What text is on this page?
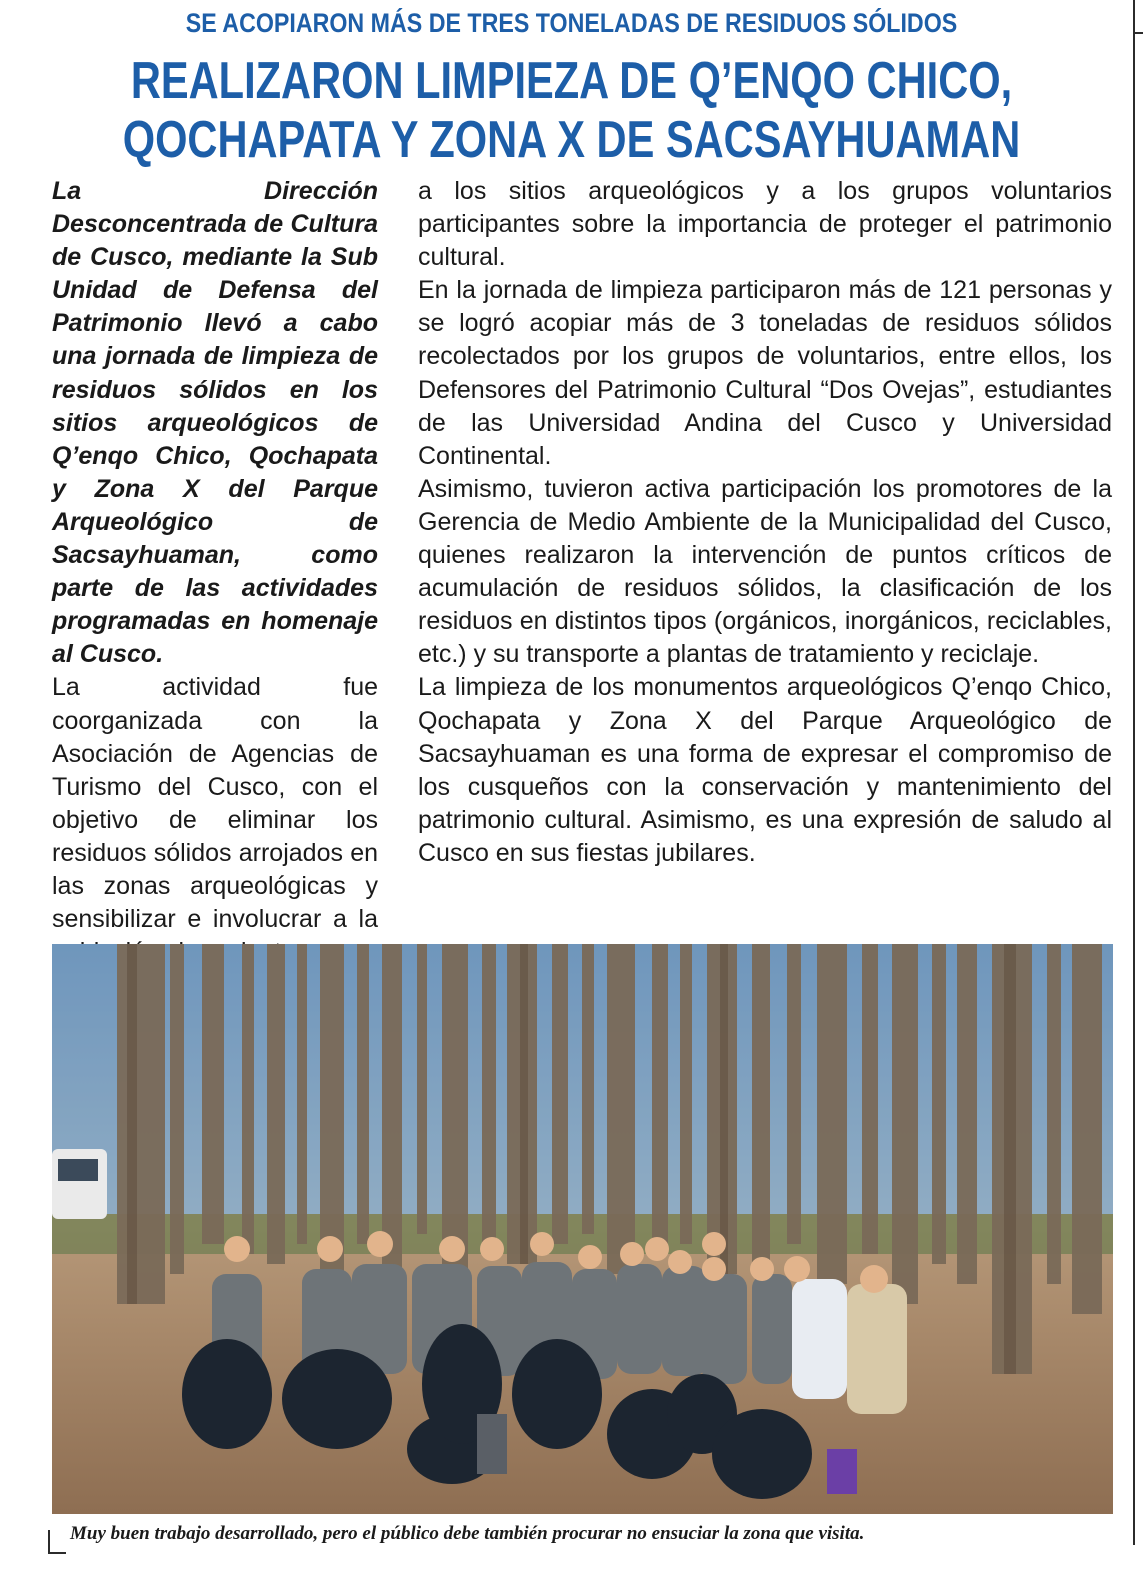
SE ACOPIARON MÁS DE TRES TONELADAS DE RESIDUOS SÓLIDOS
REALIZARON LIMPIEZA DE Q’ENQO CHICO,
QOCHAPATA Y ZONA X DE SACSAYHUAMAN

La Dirección Desconcentrada de Cultura de Cusco, mediante la Sub Unidad de Defensa del Patrimonio llevó a cabo una jornada de limpieza de residuos sólidos en los sitios arqueológicos de Q’enqo Chico, Qochapata y Zona X del Parque Arqueológico de Sacsayhuaman, como parte de las actividades programadas en homenaje al Cusco.

La actividad fue coorganizada con la Asociación de Agencias de Turismo del Cusco, con el objetivo de eliminar los residuos sólidos arrojados en las zonas arqueológicas y sensibilizar e involucrar a la

a los sitios arqueológicos y a los grupos voluntarios participantes sobre la importancia de proteger el patrimonio cultural.

En la jornada de limpieza participaron más de 121 personas y se logró acopiar más de 3 toneladas de residuos sólidos recolectados por los grupos de voluntarios, entre ellos, los Defensores del Patrimonio Cultural “Dos Ovejas”, estudiantes de las Universidad Andina del Cusco y Universidad Continental.

Asimismo, tuvieron activa participación los promotores de la Gerencia de Medio Ambiente de la Municipalidad del Cusco, quienes realizaron la intervención de puntos críticos de acumulación de residuos sólidos, la clasificación de los residuos en distintos tipos (orgánicos, inorgánicos, reciclables, etc.) y su transporte a plantas de tratamiento y reciclaje.

La limpieza de los monumentos arqueológicos Q’enqo Chico, Qochapata y Zona X del Parque Arqueológico de Sacsayhuaman es una forma de expresar el compromiso de los cusqueños con la conservación y mantenimiento del patrimonio cultural. Asimismo, es una expresión de saludo al Cusco en sus fiestas jubilares.

Muy buen trabajo desarrollado, pero el público debe también procurar no ensuciar la zona que visita.
